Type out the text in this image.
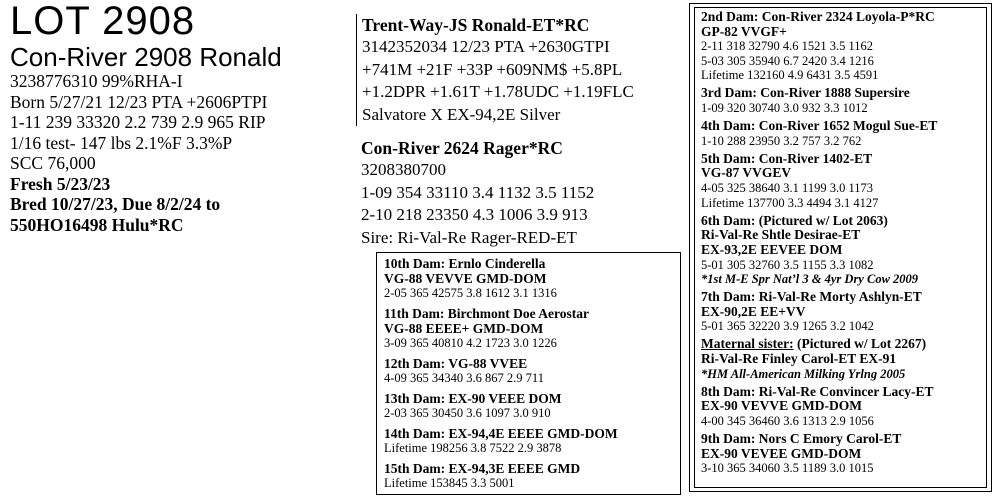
LOT 2908
Con-River 2908 Ronald
3238776310 99%RHA-I
Born 5/27/21 12/23 PTA +2606PTPI
1-11 239 33320 2.2 739 2.9 965 RIP
1/16 test- 147 lbs 2.1%F 3.3%P
SCC 76,000
Fresh 5/23/23
Bred 10/27/23, Due 8/2/24 to
550HO16498 Hulu*RC
Trent-Way-JS Ronald-ET*RC
3142352034 12/23 PTA +2630GTPI
+741M +21F +33P +609NM$ +5.8PL
+1.2DPR +1.61T +1.78UDC +1.19FLC
Salvatore X EX-94,2E Silver
Con-River 2624 Rager*RC
3208380700
1-09 354 33110 3.4 1132 3.5 1152
2-10 218 23350 4.3 1006 3.9 913
Sire: Ri-Val-Re Rager-RED-ET
10th Dam: Ernlo Cinderella
VG-88 VEVVE GMD-DOM
2-05 365 42575 3.8 1612 3.1 1316
11th Dam: Birchmont Doe Aerostar
VG-88 EEEE+ GMD-DOM
3-09 365 40810 4.2 1723 3.0 1226
12th Dam: VG-88 VVEE
4-09 365 34340 3.6 867 2.9 711
13th Dam: EX-90 VEEE DOM
2-03 365 30450 3.6 1097 3.0 910
14th Dam: EX-94,4E EEEE GMD-DOM
Lifetime 198256 3.8 7522 2.9 3878
15th Dam: EX-94,3E EEEE GMD
Lifetime 153845 3.3 5001
2nd Dam: Con-River 2324 Loyola-P*RC
GP-82 VVGF+
2-11 318 32790 4.6 1521 3.5 1162
5-03 305 35940 6.7 2420 3.4 1216
Lifetime 132160 4.9 6431 3.5 4591
3rd Dam: Con-River 1888 Supersire
1-09 320 30740 3.0 932 3.3 1012
4th Dam: Con-River 1652 Mogul Sue-ET
1-10 288 23950 3.2 757 3.2 762
5th Dam: Con-River 1402-ET
VG-87 VVGEV
4-05 325 38640 3.1 1199 3.0 1173
Lifetime 137700 3.3 4494 3.1 4127
6th Dam: (Pictured w/ Lot 2063)
Ri-Val-Re Shtle Desirae-ET
EX-93,2E EEVEE DOM
5-01 305 32760 3.5 1155 3.3 1082
*1st M-E Spr Nat’l 3 & 4yr Dry Cow 2009
7th Dam: Ri-Val-Re Morty Ashlyn-ET
EX-90,2E EE+VV
5-01 365 32220 3.9 1265 3.2 1042
Maternal sister: (Pictured w/ Lot 2267)
Ri-Val-Re Finley Carol-ET EX-91
*HM All-American Milking Yrlng 2005
8th Dam: Ri-Val-Re Convincer Lacy-ET
EX-90 VEVVE GMD-DOM
4-00 345 36460 3.6 1313 2.9 1056
9th Dam: Nors C Emory Carol-ET
EX-90 VEVEE GMD-DOM
3-10 365 34060 3.5 1189 3.0 1015
